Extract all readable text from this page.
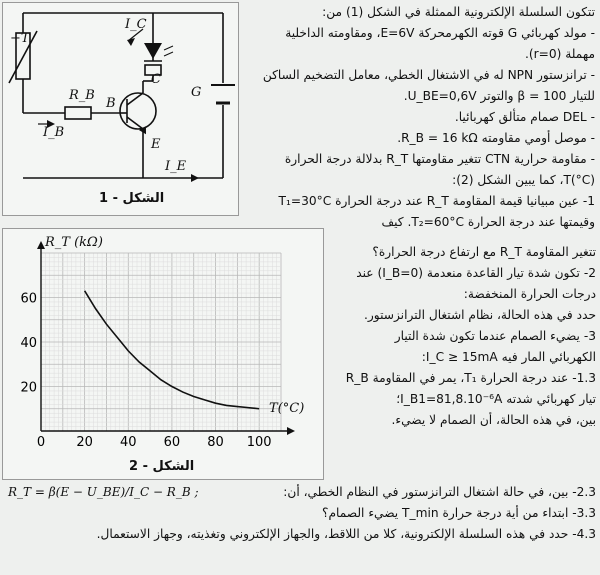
−T
I_C
C
B
R_B
I_B
E
I_E
G
الشكل - 1
0 20 40 60 80 100
20
40
60
R_T (kΩ)
T(°C)
الشكل - 2
تتكون السلسلة الإلكترونية الممثلة في الشكل (1) من:
- مولد كهربائي G قوته الكهرمحركة E=6V، ومقاومته الداخلية
مهملة (r=0).
- ترانزستور NPN له في الاشتغال الخطي، معامل التضخيم الساكن
للتيار β = 100 والتوتر U_BE=0,6V.
- DEL صمام متألق كهربائيا.
- موصل أومي مقاومته R_B = 16 kΩ.
- مقاومة حرارية CTN تتغير مقاومتها R_T بدلالة درجة الحرارة
T(°C)، كما يبين الشكل (2):
1- عين مبيانيا قيمة المقاومة R_T عند درجة الحرارة T₁=30°C
وقيمتها عند درجة الحرارة T₂=60°C. كيف
تتغير المقاومة R_T مع ارتفاع درجة الحرارة؟
2- تكون شدة تيار القاعدة منعدمة (I_B=0) عند
درجات الحرارة المنخفضة:
حدد في هذه الحالة، نظام اشتغال الترانزستور.
3- يضيء الصمام عندما تكون شدة التيار
الكهربائي المار فيه I_C ≥ 15mA:
1.3- عند درجة الحرارة T₁، يمر في المقاومة R_B
تيار كهربائي شدته I_B1=81,8.10⁻⁶A؛
بين، في هذه الحالة، أن الصمام لا يضيء.
2.3- بين، في حالة اشتغال الترانزستور في النظام الخطي، أن:
R_T = β(E − U_BE)/I_C − R_B ;
3.3- ابتداء من أية درجة حرارة T_min يضيء الصمام؟
4.3- حدد في هذه السلسلة الإلكترونية، كلا من اللاقط، والجهاز الإلكتروني وتغذيته، وجهاز الاستعمال.
